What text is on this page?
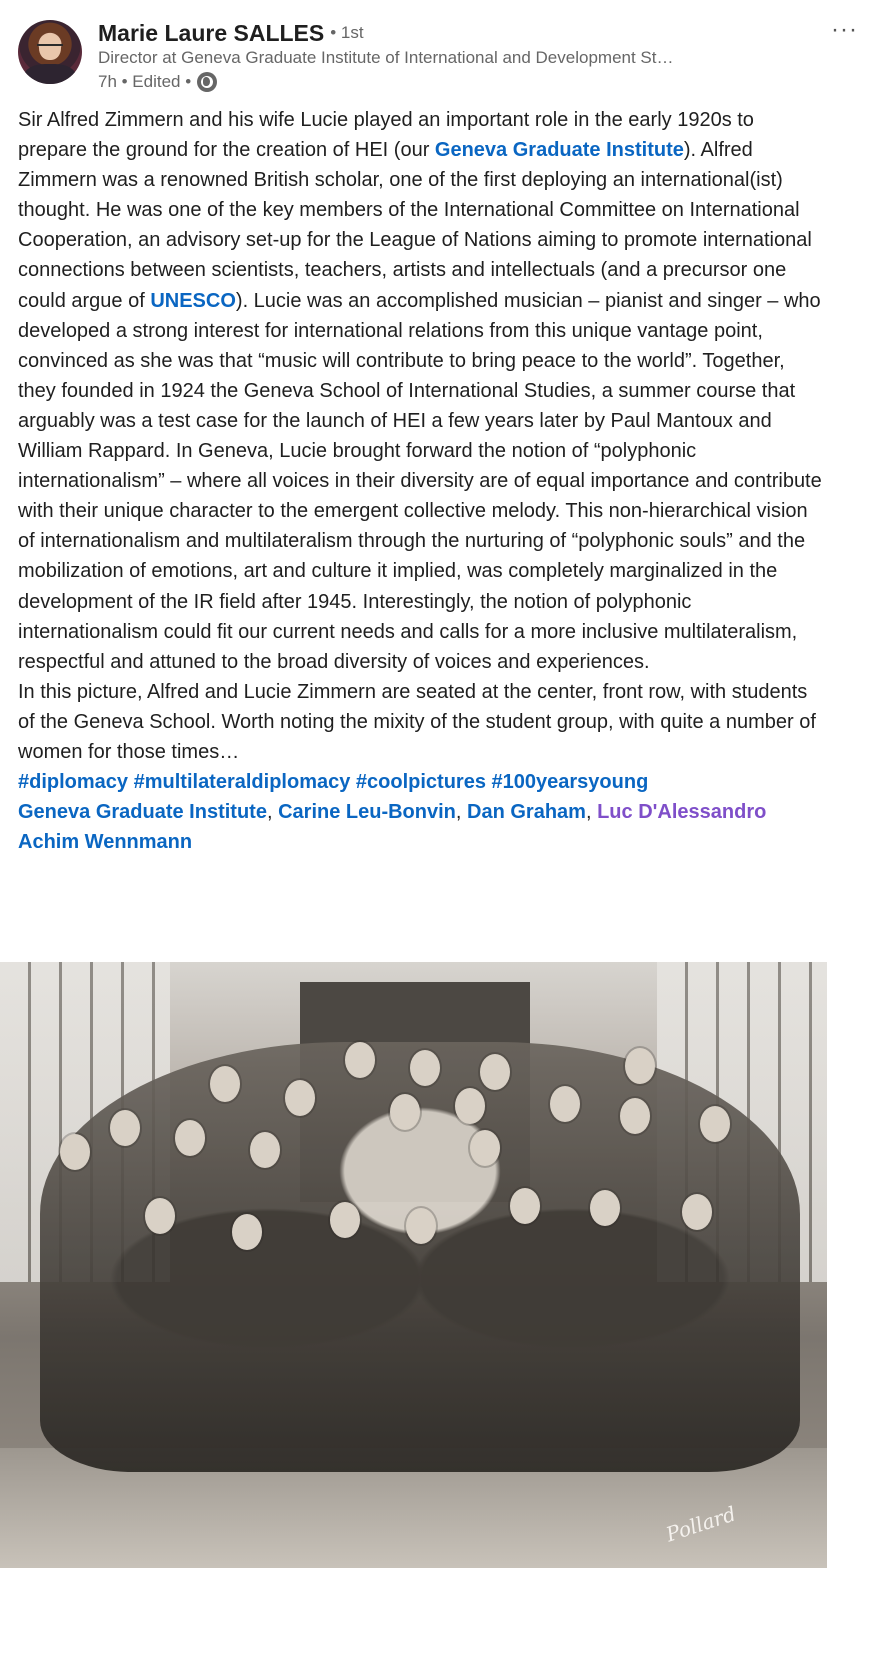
Marie Laure SALLES • 1st
Director at Geneva Graduate Institute of International and Development St…
7h • Edited •
···

Sir Alfred Zimmern and his wife Lucie played an important role in the early 1920s to prepare the ground for the creation of HEI (our Geneva Graduate Institute). Alfred Zimmern was a renowned British scholar, one of the first deploying an international(ist) thought. He was one of the key members of the International Committee on International Cooperation, an advisory set-up for the League of Nations aiming to promote international connections between scientists, teachers, artists and intellectuals (and a precursor one could argue of UNESCO). Lucie was an accomplished musician – pianist and singer – who developed a strong interest for international relations from this unique vantage point, convinced as she was that “music will contribute to bring peace to the world”. Together, they founded in 1924 the Geneva School of International Studies, a summer course that arguably was a test case for the launch of HEI a few years later by Paul Mantoux and William Rappard. In Geneva, Lucie brought forward the notion of “polyphonic internationalism” – where all voices in their diversity are of equal importance and contribute with their unique character to the emergent collective melody. This non-hierarchical vision of internationalism and multilateralism through the nurturing of “polyphonic souls” and the mobilization of emotions, art and culture it implied, was completely marginalized in the development of the IR field after 1945. Interestingly, the notion of polyphonic internationalism could fit our current needs and calls for a more inclusive multilateralism, respectful and attuned to the broad diversity of voices and experiences.

In this picture, Alfred and Lucie Zimmern are seated at the center, front row, with students of the Geneva School. Worth noting the mixity of the student group, with quite a number of women for those times…

#diplomacy #multilateraldiplomacy #coolpictures #100yearsyoung

Geneva Graduate Institute, Carine Leu-Bonvin, Dan Graham, Luc D'Alessandro Achim Wennmann

Pollard
